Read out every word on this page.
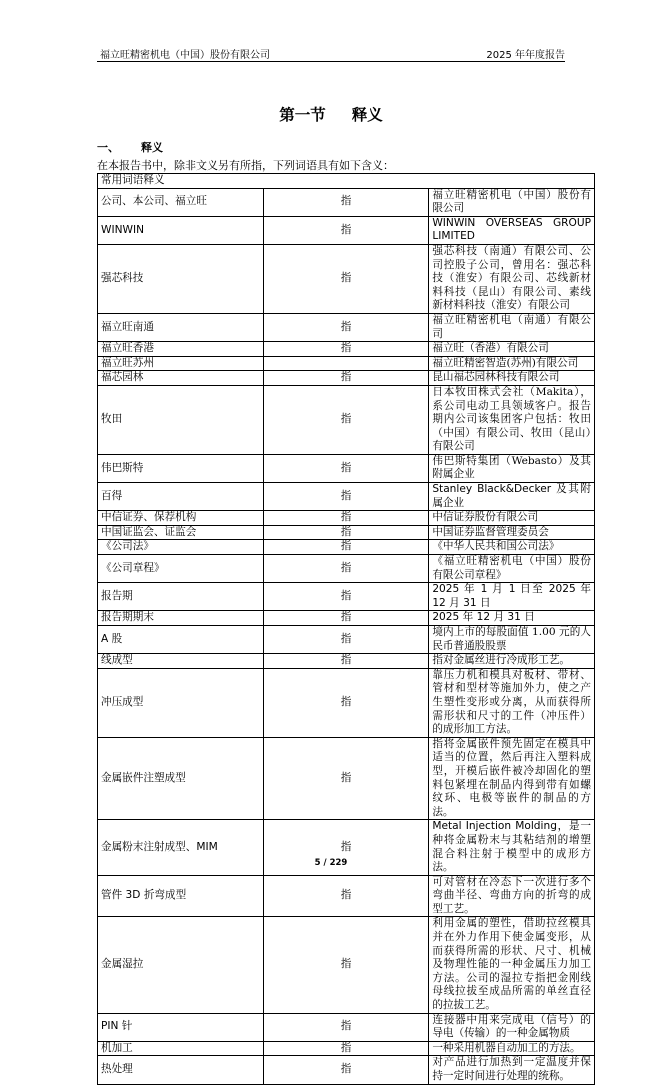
福立旺精密机电（中国）股份有限公司	2025 年年度报告
第一节 释义
一、 释义
在本报告书中，除非文义另有所指，下列词语具有如下含义：
常用词语释义		
公司、本公司、福立旺	指	福立旺精密机电（中国）股份有限公司
WINWIN	指	WINWIN OVERSEAS GROUP LIMITED
强芯科技	指	强芯科技（南通）有限公司、公司控股子公司，曾用名：强芯科技（淮安）有限公司、芯线新材料科技（昆山）有限公司、素线新材料科技（淮安）有限公司
福立旺南通	指	福立旺精密机电（南通）有限公司
福立旺香港	指	福立旺（香港）有限公司
福立旺苏州		福立旺精密智造(苏州)有限公司
福芯园林	指	昆山福芯园林科技有限公司
牧田	指	日本牧田株式会社（Makita），系公司电动工具领域客户。报告期内公司该集团客户包括：牧田（中国）有限公司、牧田（昆山）有限公司
伟巴斯特	指	伟巴斯特集团（Webasto）及其附属企业
百得	指	Stanley Black&Decker 及其附属企业
中信证券、保荐机构	指	中信证券股份有限公司
中国证监会、证监会	指	中国证券监督管理委员会
《公司法》	指	《中华人民共和国公司法》
《公司章程》	指	《福立旺精密机电（中国）股份有限公司章程》
报告期	指	2025 年 1 月 1 日至 2025 年 12 月 31 日
报告期期末	指	2025 年 12 月 31 日
A 股	指	境内上市的每股面值 1.00 元的人民币普通股股票
线成型	指	指对金属丝进行冷成形工艺。
冲压成型	指	靠压力机和模具对板材、带材、管材和型材等施加外力，使之产生塑性变形或分离，从而获得所需形状和尺寸的工件（冲压件）的成形加工方法。
金属嵌件注塑成型	指	指将金属嵌件预先固定在模具中适当的位置，然后再注入塑料成型，开模后嵌件被冷却固化的塑料包紧埋在制品内得到带有如螺纹环、电极等嵌件的制品的方法。
金属粉末注射成型、MIM	指	Metal Injection Molding，是一种将金属粉末与其粘结剂的增塑混合料注射于模型中的成形方法。
管件 3D 折弯成型	指	可对管材在冷态下一次进行多个弯曲半径、弯曲方向的折弯的成型工艺。
金属湿拉	指	利用金属的塑性，借助拉丝模具并在外力作用下使金属变形，从而获得所需的形状、尺寸、机械及物理性能的一种金属压力加工方法。公司的湿拉专指把金刚线母线拉拔至成品所需的单丝直径的拉拔工艺。
PIN 针	指	连接器中用来完成电（信号）的导电（传输）的一种金属物质
机加工	指	一种采用机器自动加工的方法。
热处理	指	对产品进行加热到一定温度并保持一定时间进行处理的统称。
5 / 229
